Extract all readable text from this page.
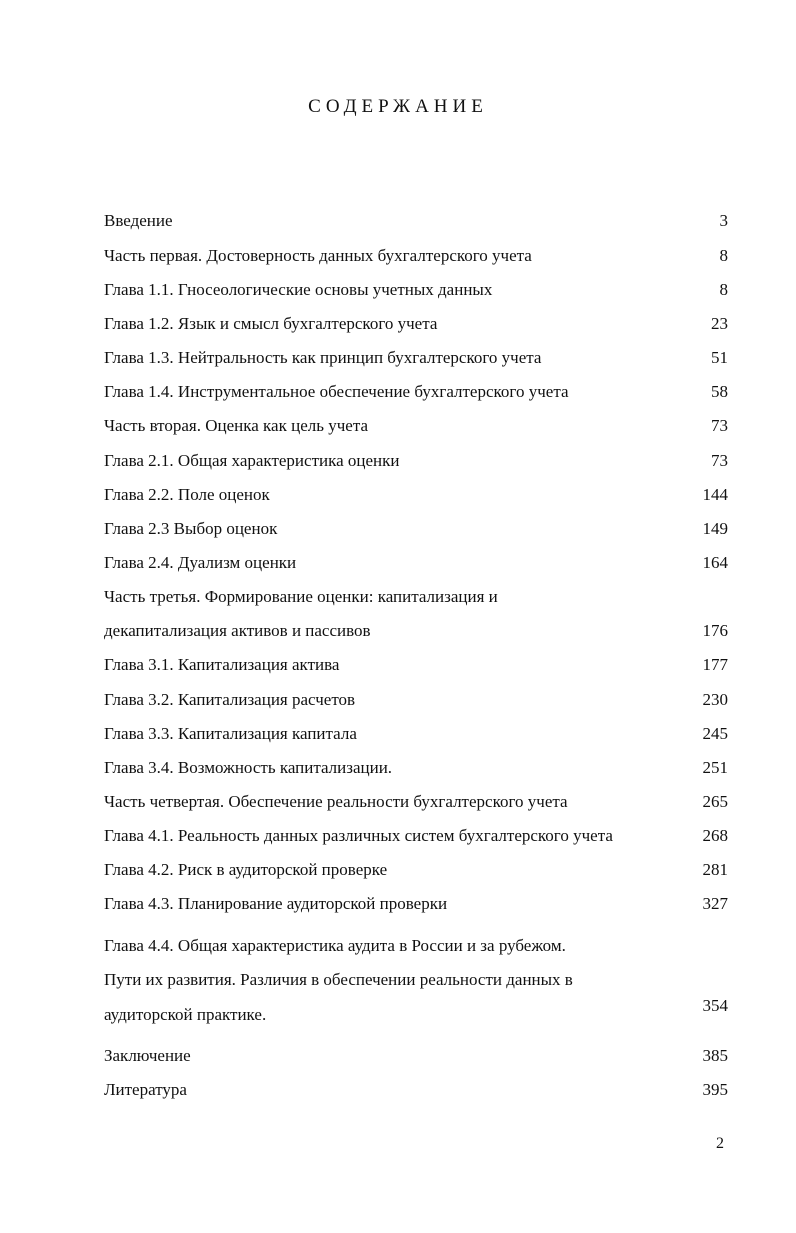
СОДЕРЖАНИЕ
Введение	3
Часть первая. Достоверность данных бухгалтерского учета	8
Глава 1.1. Гносеологические основы учетных данных	8
Глава 1.2. Язык и смысл бухгалтерского учета	23
Глава 1.3. Нейтральность как принцип бухгалтерского учета	51
Глава 1.4. Инструментальное обеспечение бухгалтерского учета	58
Часть вторая. Оценка как цель учета	73
Глава 2.1. Общая характеристика оценки	73
Глава 2.2. Поле оценок	144
Глава 2.3 Выбор оценок	149
Глава 2.4. Дуализм оценки	164
Часть третья. Формирование оценки: капитализация и
декапитализация активов и пассивов	176
Глава 3.1. Капитализация актива	177
Глава 3.2. Капитализация расчетов	230
Глава 3.3. Капитализация капитала	245
Глава 3.4. Возможность капитализации.	251
Часть четвертая. Обеспечение реальности бухгалтерского учета	265
Глава 4.1. Реальность данных различных систем бухгалтерского учета	268
Глава 4.2. Риск в аудиторской проверке	281
Глава 4.3. Планирование аудиторской проверки	327
Глава 4.4. Общая характеристика аудита в России и за рубежом.
Пути их развития. Различия в обеспечении реальности данных в
аудиторской практике.	354
Заключение	385
Литература	395
2
